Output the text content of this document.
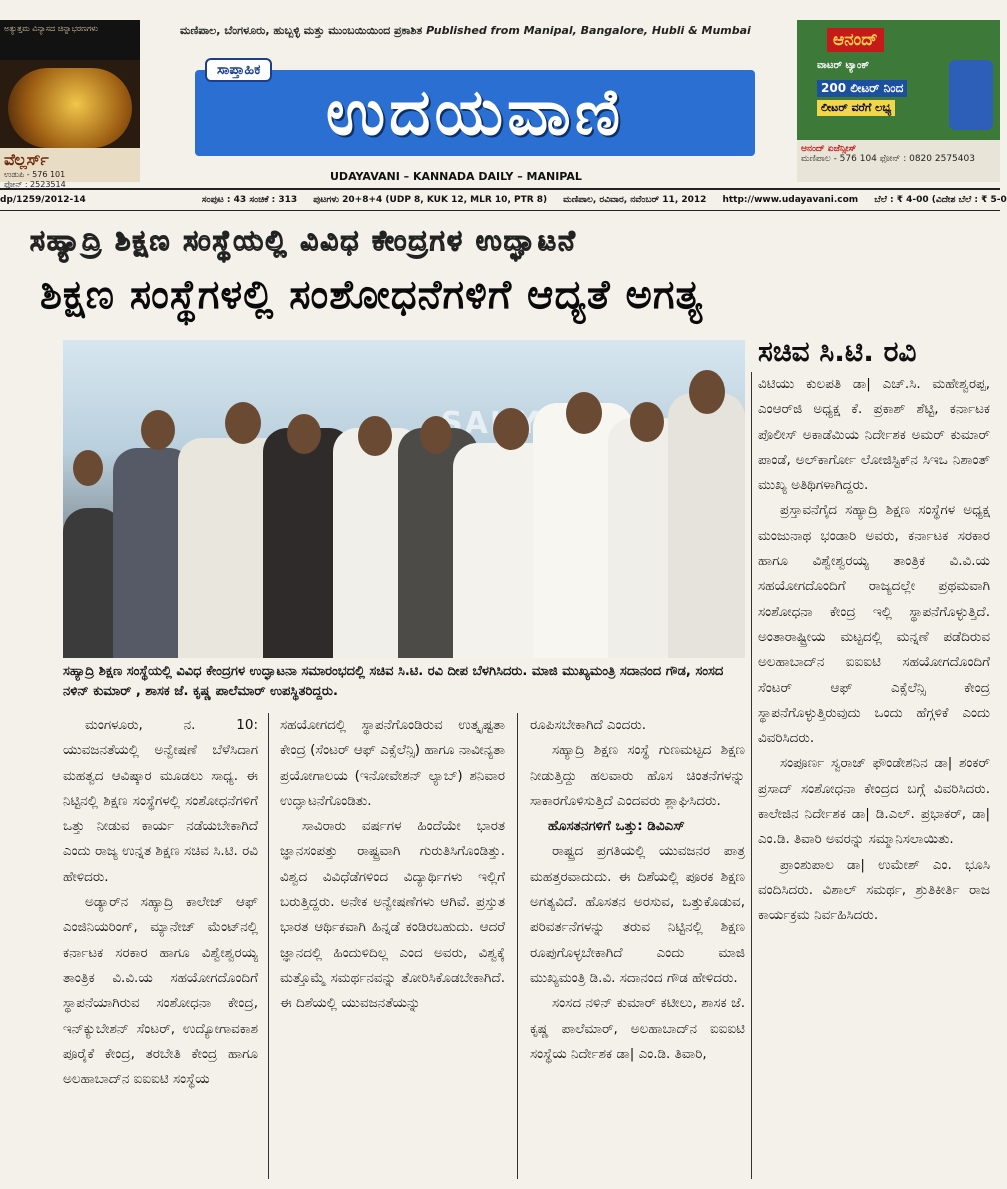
ಅತ್ಯುತ್ತಮ ವಿನ್ಯಾಸದ ಚಿನ್ನಾಭರಣಗಳು
ವೆಲ್ಲರ್ಸ್
ಉಡುಪಿ - 576 101
ಫೋನ್ : 2523514
ಮಣಿಪಾಲ, ಬೆಂಗಳೂರು, ಹುಬ್ಬಳ್ಳಿ ಮತ್ತು ಮುಂಬಯಿಯಿಂದ ಪ್ರಕಾಶಿತ Published from Manipal, Bangalore, Hubli & Mumbai
ಉದಯವಾಣಿ
ಸಾಪ್ತಾಹಿಕ
UDAYAVANI – KANNADA DAILY – MANIPAL
ಆನಂದ್
ವಾಟರ್ ಟ್ಯಾಂಕ್
200 ಲೀಟರ್ ನಿಂದ
ಲೀಟರ್ ವರೆಗೆ ಲಭ್ಯ
ಆನಂದ್ ಏಜೆನ್ಸೀಸ್
ಮಣಿಪಾಲ - 576 104 ಫೋನ್ : 0820 2575403
dp/1259/2012-14	ಸಂಪುಟ : 43 ಸಂಚಿಕೆ : 313 ಪುಟಗಳು 20+8+4 (UDP 8, KUK 12, MLR 10, PTR 8) ಮಣಿಪಾಲ, ರವಿವಾರ, ನವೆಂಬರ್ 11, 2012 http://www.udayavani.com ಬೆಲೆ : ₹ 4-00 (ವಿದೇಶ ಬೆಲೆ : ₹ 5-0
ಸಹ್ಯಾದ್ರಿ ಶಿಕ್ಷಣ ಸಂಸ್ಥೆಯಲ್ಲಿ ವಿವಿಧ ಕೇಂದ್ರಗಳ ಉದ್ಘಾಟನೆ
ಶಿಕ್ಷಣ ಸಂಸ್ಥೆಗಳಲ್ಲಿ ಸಂಶೋಧನೆಗಳಿಗೆ ಆದ್ಯತೆ ಅಗತ್ಯ
ಸಚಿವ ಸಿ.ಟಿ. ರವಿ
ಸಹ್ಯಾದ್ರಿ ಶಿಕ್ಷಣ ಸಂಸ್ಥೆಯಲ್ಲಿ ವಿವಿಧ ಕೇಂದ್ರಗಳ ಉದ್ಘಾಟನಾ ಸಮಾರಂಭದಲ್ಲಿ ಸಚಿವ ಸಿ.ಟಿ. ರವಿ ದೀಪ ಬೆಳಗಿಸಿದರು. ಮಾಜಿ ಮುಖ್ಯಮಂತ್ರಿ ಸದಾನಂದ ಗೌಡ, ಸಂಸದ ನಳಿನ್ ಕುಮಾರ್ , ಶಾಸಕ ಜೆ. ಕೃಷ್ಣ ಪಾಲೆಮಾರ್ ಉಪಸ್ಥಿತರಿದ್ದರು.

ಮಂಗಳೂರು, ನ. 10: ಯುವಜನತೆಯಲ್ಲಿ ಅನ್ವೇಷಣೆ ಬೆಳೆಸಿದಾಗ ಮಹತ್ವದ ಆವಿಷ್ಕಾರ ಮೂಡಲು ಸಾಧ್ಯ. ಈ ನಿಟ್ಟಿನಲ್ಲಿ ಶಿಕ್ಷಣ ಸಂಸ್ಥೆಗಳಲ್ಲಿ ಸಂಶೋಧನೆಗಳಿಗೆ ಒತ್ತು ನೀಡುವ ಕಾರ್ಯ ನಡೆಯಬೇಕಾಗಿದೆ ಎಂದು ರಾಜ್ಯ ಉನ್ನತ ಶಿಕ್ಷಣ ಸಚಿವ ಸಿ.ಟಿ. ರವಿ ಹೇಳಿದರು.

ಅಡ್ಯಾರ್‌ನ ಸಹ್ಯಾದ್ರಿ ಕಾಲೇಜ್ ಆಫ್ ಎಂಜಿನಿಯರಿಂಗ್, ಮ್ಯಾನೇಜ್ ಮೆಂಟ್‌ನಲ್ಲಿ ಕರ್ನಾಟಕ ಸರಕಾರ ಹಾಗೂ ವಿಶ್ವೇಶ್ವರಯ್ಯ ತಾಂತ್ರಿಕ ವಿ.ವಿ.ಯ ಸಹಯೋಗದೊಂದಿಗೆ ಸ್ಥಾಪನೆಯಾಗಿರುವ ಸಂಶೋಧನಾ ಕೇಂದ್ರ, ಇನ್‌ಕ್ಯುಬೇಶನ್ ಸೆಂಟರ್, ಉದ್ಯೋಗಾವಕಾಶ ಪೂರೈಕೆ ಕೇಂದ್ರ, ತರಬೇತಿ ಕೇಂದ್ರ ಹಾಗೂ ಅಲಹಾಬಾದ್‌ನ ಐಐಐಟಿ ಸಂಸ್ಥೆಯ

ಸಹಯೋಗದಲ್ಲಿ ಸ್ಥಾಪನೆಗೊಂಡಿರುವ ಉತ್ಕೃಷ್ಟತಾ ಕೇಂದ್ರ (ಸೆಂಟರ್ ಆಫ್ ಎಕ್ಸೆಲೆನ್ಸಿ) ಹಾಗೂ ನಾವೀನ್ಯತಾ ಪ್ರಯೋಗಾಲಯ (ಇನೋವೇಶನ್ ಲ್ಯಾಬ್) ಶನಿವಾರ ಉದ್ಘಾಟನೆಗೊಂಡಿತು.

ಸಾವಿರಾರು ವರ್ಷಗಳ ಹಿಂದೆಯೇ ಭಾರತ ಜ್ಞಾನಸಂಪತ್ತು ರಾಷ್ಟ್ರವಾಗಿ ಗುರುತಿಸಿಗೊಂಡಿತ್ತು. ವಿಶ್ವದ ವಿವಿಧೆಡೆಗಳಿಂದ ವಿದ್ಯಾರ್ಥಿಗಳು ಇಲ್ಲಿಗೆ ಬರುತ್ತಿದ್ದರು. ಅನೇಕ ಅನ್ವೇಷಣೆಗಳು ಆಗಿವೆ. ಪ್ರಸ್ತುತ ಭಾರತ ಆರ್ಥಿಕವಾಗಿ ಹಿನ್ನಡೆ ಕಂಡಿರಬಹುದು. ಆದರೆ ಜ್ಞಾನದಲ್ಲಿ ಹಿಂದುಳಿದಿಲ್ಲ ಎಂದ ಅವರು, ವಿಶ್ವಕ್ಕೆ ಮತ್ತೊಮ್ಮೆ ಸಮರ್ಥನವನ್ನು ತೋರಿಸಿಕೊಡಬೇಕಾಗಿದೆ. ಈ ದಿಶೆಯಲ್ಲಿ ಯುವಜನತೆಯನ್ನು

ರೂಪಿಸಬೇಕಾಗಿದೆ ಎಂದರು.

ಸಹ್ಯಾದ್ರಿ ಶಿಕ್ಷಣ ಸಂಸ್ಥೆ ಗುಣಮಟ್ಟದ ಶಿಕ್ಷಣ ನೀಡುತ್ತಿದ್ದು ಹಲವಾರು ಹೊಸ ಚಿಂತನೆಗಳನ್ನು ಸಾಕಾರಗೊಳಿಸುತ್ತಿದೆ ಎಂದವರು ಶ್ಲಾಘಿಸಿದರು.

ಹೊಸತನಗಳಿಗೆ ಒತ್ತು: ಡಿವಿಎಸ್

ರಾಷ್ಟ್ರದ ಪ್ರಗತಿಯಲ್ಲಿ ಯುವಜನರ ಪಾತ್ರ ಮಹತ್ತರವಾದುದು. ಈ ದಿಶೆಯಲ್ಲಿ ಪೂರಕ ಶಿಕ್ಷಣ ಅಗತ್ಯವಿದೆ. ಹೊಸತನ ಅರಸುವ, ಒತ್ತುಕೊಡುವ, ಪರಿವರ್ತನೆಗಳನ್ನು ತರುವ ನಿಟ್ಟಿನಲ್ಲಿ ಶಿಕ್ಷಣ ರೂಪುಗೊಳ್ಳಬೇಕಾಗಿದೆ ಎಂದು ಮಾಜಿ ಮುಖ್ಯಮಂತ್ರಿ ಡಿ.ವಿ. ಸದಾನಂದ ಗೌಡ ಹೇಳಿದರು.

ಸಂಸದ ನಳಿನ್ ಕುಮಾರ್ ಕಟೀಲು, ಶಾಸಕ ಜೆ. ಕೃಷ್ಣ ಪಾಲೆಮಾರ್, ಅಲಹಾಬಾದ್‌ನ ಐಐಐಟಿ ಸಂಸ್ಥೆಯ ನಿರ್ದೇಶಕ ಡಾ| ಎಂ.ಡಿ. ತಿವಾರಿ,

ವಿಟಿಯು ಕುಲಪತಿ ಡಾ| ಎಚ್.ಸಿ. ಮಹೇಶ್ವರಪ್ಪ, ಎಂಆರ್‌ಜಿ ಅಧ್ಯಕ್ಷ ಕೆ. ಪ್ರಕಾಶ್ ಶೆಟ್ಟಿ, ಕರ್ನಾಟಕ ಪೊಲೀಸ್ ಅಕಾಡೆಮಿಯ ನಿರ್ದೇಶಕ ಅಮರ್ ಕುಮಾರ್ ಪಾಂಡೆ, ಅಲ್‌ಕಾರ್ಗೋ ಲೋಜಿಸ್ಟಿಕ್‌ನ ಸಿಇಒ ನಿಶಾಂತ್ ಮುಖ್ಯ ಅತಿಥಿಗಳಾಗಿದ್ದರು.

ಪ್ರಸ್ತಾವನೆಗೈದ ಸಹ್ಯಾದ್ರಿ ಶಿಕ್ಷಣ ಸಂಸ್ಥೆಗಳ ಅಧ್ಯಕ್ಷ ಮಂಜುನಾಥ ಭಂಡಾರಿ ಅವರು, ಕರ್ನಾಟಕ ಸರಕಾರ ಹಾಗೂ ವಿಶ್ವೇಶ್ವರಯ್ಯ ತಾಂತ್ರಿಕ ವಿ.ವಿ.ಯ ಸಹಯೋಗದೊಂದಿಗೆ ರಾಜ್ಯದಲ್ಲೇ ಪ್ರಥಮವಾಗಿ ಸಂಶೋಧನಾ ಕೇಂದ್ರ ಇಲ್ಲಿ ಸ್ಥಾಪನೆಗೊಳ್ಳುತ್ತಿದೆ. ಅಂತಾರಾಷ್ಟ್ರೀಯ ಮಟ್ಟದಲ್ಲಿ ಮನ್ನಣೆ ಪಡೆದಿರುವ ಅಲಹಾಬಾದ್‌ನ ಐಐಐಟಿ ಸಹಯೋಗದೊಂದಿಗೆ ಸೆಂಟರ್ ಆಫ್ ಎಕ್ಸೆಲೆನ್ಸಿ ಕೇಂದ್ರ ಸ್ಥಾಪನೆಗೊಳ್ಳುತ್ತಿರುವುದು ಒಂದು ಹೆಗ್ಗಳಿಕೆ ಎಂದು ವಿವರಿಸಿದರು.

ಸಂಪೂರ್ಣ ಸ್ವರಾಜ್ ಫೌಂಡೇಶನಿನ ಡಾ| ಶಂಕರ್ ಪ್ರಸಾದ್ ಸಂಶೋಧನಾ ಕೇಂದ್ರದ ಬಗ್ಗೆ ವಿವರಿಸಿದರು. ಕಾಲೇಜಿನ ನಿರ್ದೇಶಕ ಡಾ| ಡಿ.ಎಲ್. ಪ್ರಭಾಕರ್, ಡಾ| ಎಂ.ಡಿ. ತಿವಾರಿ ಅವರನ್ನು ಸಮ್ಮಾನಿಸಲಾಯಿತು.

ಪ್ರಾಂಶುಪಾಲ ಡಾ| ಉಮೇಶ್ ಎಂ. ಭೂಸಿ ವಂದಿಸಿದರು. ವಿಶಾಲ್ ಸಮರ್ಥ, ಶ್ರುತಿಕೀರ್ತಿ ರಾಜ ಕಾರ್ಯಕ್ರಮ ನಿರ್ವಹಿಸಿದರು.
